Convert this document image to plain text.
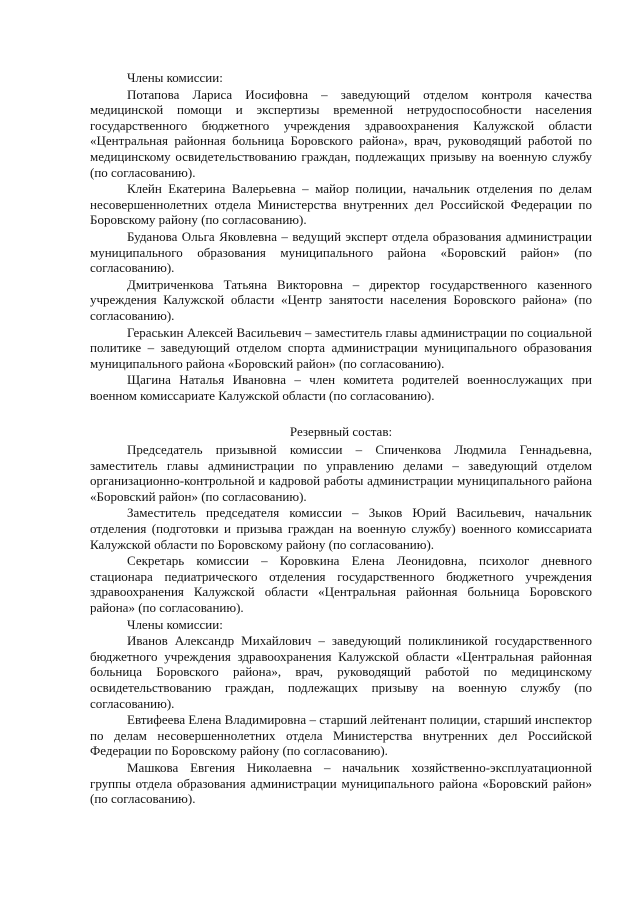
Члены комиссии:

Потапова Лариса Иосифовна – заведующий отделом контроля качества медицинской помощи и экспертизы временной нетрудоспособности населения государственного бюджетного учреждения здравоохранения Калужской области «Центральная районная больница Боровского района», врач, руководящий работой по медицинскому освидетельствованию граждан, подлежащих призыву на военную службу (по согласованию).

Клейн Екатерина Валерьевна – майор полиции, начальник отделения по делам несовершеннолетних отдела Министерства внутренних дел Российской Федерации по Боровскому району (по согласованию).

Буданова Ольга Яковлевна – ведущий эксперт отдела образования администрации муниципального образования муниципального района «Боровский район» (по согласованию).

Дмитриченкова Татьяна Викторовна – директор государственного казенного учреждения Калужской области «Центр занятости населения Боровского района» (по согласованию).

Гераськин Алексей Васильевич – заместитель главы администрации по социальной политике – заведующий отделом спорта администрации муниципального образования муниципального района «Боровский район» (по согласованию).

Щагина Наталья Ивановна – член комитета родителей военнослужащих при военном комиссариате Калужской области (по согласованию).

Резервный состав:

Председатель призывной комиссии – Спиченкова Людмила Геннадьевна, заместитель главы администрации по управлению делами – заведующий отделом организационно-контрольной и кадровой работы администрации муниципального района «Боровский район» (по согласованию).

Заместитель председателя комиссии – Зыков Юрий Васильевич, начальник отделения (подготовки и призыва граждан на военную службу) военного комиссариата Калужской области по Боровскому району (по согласованию).

Секретарь комиссии – Коровкина Елена Леонидовна, психолог дневного стационара педиатрического отделения государственного бюджетного учреждения здравоохранения Калужской области «Центральная районная больница Боровского района» (по согласованию).

Члены комиссии:

Иванов Александр Михайлович – заведующий поликлиникой государственного бюджетного учреждения здравоохранения Калужской области «Центральная районная больница Боровского района», врач, руководящий работой по медицинскому освидетельствованию граждан, подлежащих призыву на военную службу (по согласованию).

Евтифеева Елена Владимировна – старший лейтенант полиции, старший инспектор по делам несовершеннолетних отдела Министерства внутренних дел Российской Федерации по Боровскому району (по согласованию).

Машкова Евгения Николаевна – начальник хозяйственно-эксплуатационной группы отдела образования администрации муниципального района «Боровский район» (по согласованию).
